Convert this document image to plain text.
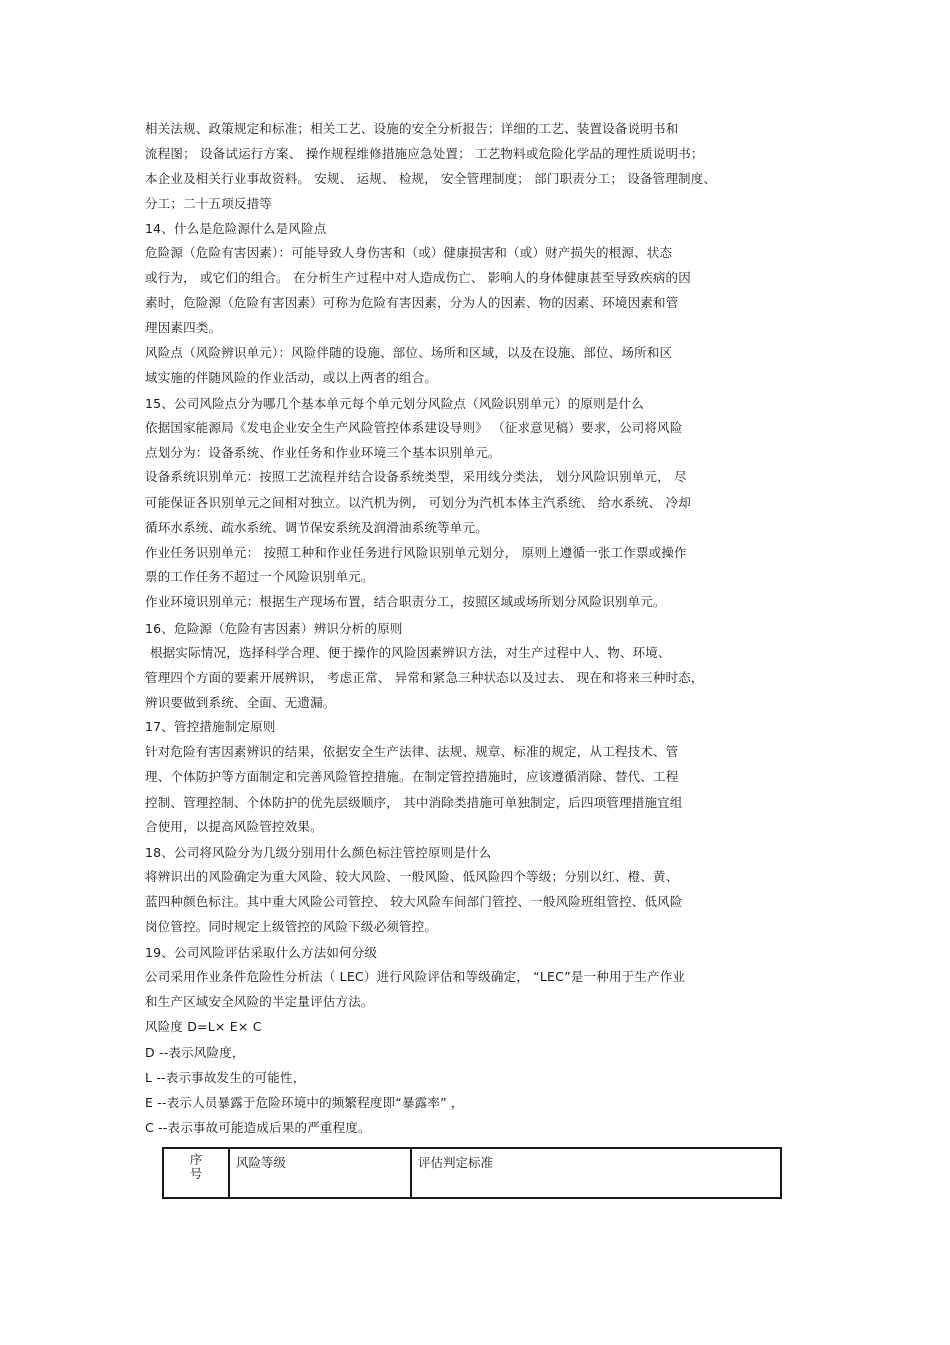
相关法规、政策规定和标准；相关工艺、设施的安全分析报告；详细的工艺、装置设备说明书和
流程图； 设备试运行方案、 操作规程维修措施应急处置； 工艺物料或危险化学品的理性质说明书；
本企业及相关行业事故资料。 安规、 运规、 检规， 安全管理制度； 部门职责分工； 设备管理制度、
分工；二十五项反措等
14、什么是危险源什么是风险点
危险源（危险有害因素）：可能导致人身伤害和（或）健康损害和（或）财产损失的根源、状态
或行为， 或它们的组合。 在分析生产过程中对人造成伤亡、 影响人的身体健康甚至导致疾病的因
素时，危险源（危险有害因素）可称为危险有害因素，分为人的因素、物的因素、环境因素和管
理因素四类。
风险点（风险辨识单元）：风险伴随的设施、部位、场所和区域，以及在设施、部位、场所和区
域实施的伴随风险的作业活动，或以上两者的组合。
15、公司风险点分为哪几个基本单元每个单元划分风险点（风险识别单元）的原则是什么
依据国家能源局《发电企业安全生产风险管控体系建设导则》 （征求意见稿）要求，公司将风险
点划分为：设备系统、作业任务和作业环境三个基本识别单元。
设备系统识别单元：按照工艺流程并结合设备系统类型，采用线分类法， 划分风险识别单元， 尽
可能保证各识别单元之间相对独立。以汽机为例， 可划分为汽机本体主汽系统、 给水系统、 冷却
循环水系统、疏水系统、调节保安系统及润滑油系统等单元。
作业任务识别单元： 按照工种和作业任务进行风险识别单元划分， 原则上遵循一张工作票或操作
票的工作任务不超过一个风险识别单元。
作业环境识别单元：根据生产现场布置，结合职责分工，按照区域或场所划分风险识别单元。
16、危险源（危险有害因素）辨识分析的原则
根据实际情况，选择科学合理、便于操作的风险因素辨识方法，对生产过程中人、物、环境、
管理四个方面的要素开展辨识， 考虑正常、 异常和紧急三种状态以及过去、 现在和将来三种时态，
辨识要做到系统、全面、无遗漏。
17、管控措施制定原则
针对危险有害因素辨识的结果，依据安全生产法律、法规、规章、标准的规定，从工程技术、管
理、个体防护等方面制定和完善风险管控措施。在制定管控措施时，应该遵循消除、替代、工程
控制、管理控制、个体防护的优先层级顺序， 其中消除类措施可单独制定，后四项管理措施宜组
合使用，以提高风险管控效果。
18、公司将风险分为几级分别用什么颜色标注管控原则是什么
将辨识出的风险确定为重大风险、较大风险、一般风险、低风险四个等级；分别以红、橙、黄、
蓝四种颜色标注。其中重大风险公司管控、 较大风险车间部门管控、一般风险班组管控、低风险
岗位管控。同时规定上级管控的风险下级必须管控。
19、公司风险评估采取什么方法如何分级
公司采用作业条件危险性分析法（ LEC）进行风险评估和等级确定， “LEC”是一种用于生产作业
和生产区域安全风险的半定量评估方法。
风险度 D=L× E× C
D --表示风险度，
L --表示事故发生的可能性，
E --表示人员暴露于危险环境中的频繁程度即“暴露率” ，
C --表示事故可能造成后果的严重程度。
序
号	风险等级	评估判定标准
